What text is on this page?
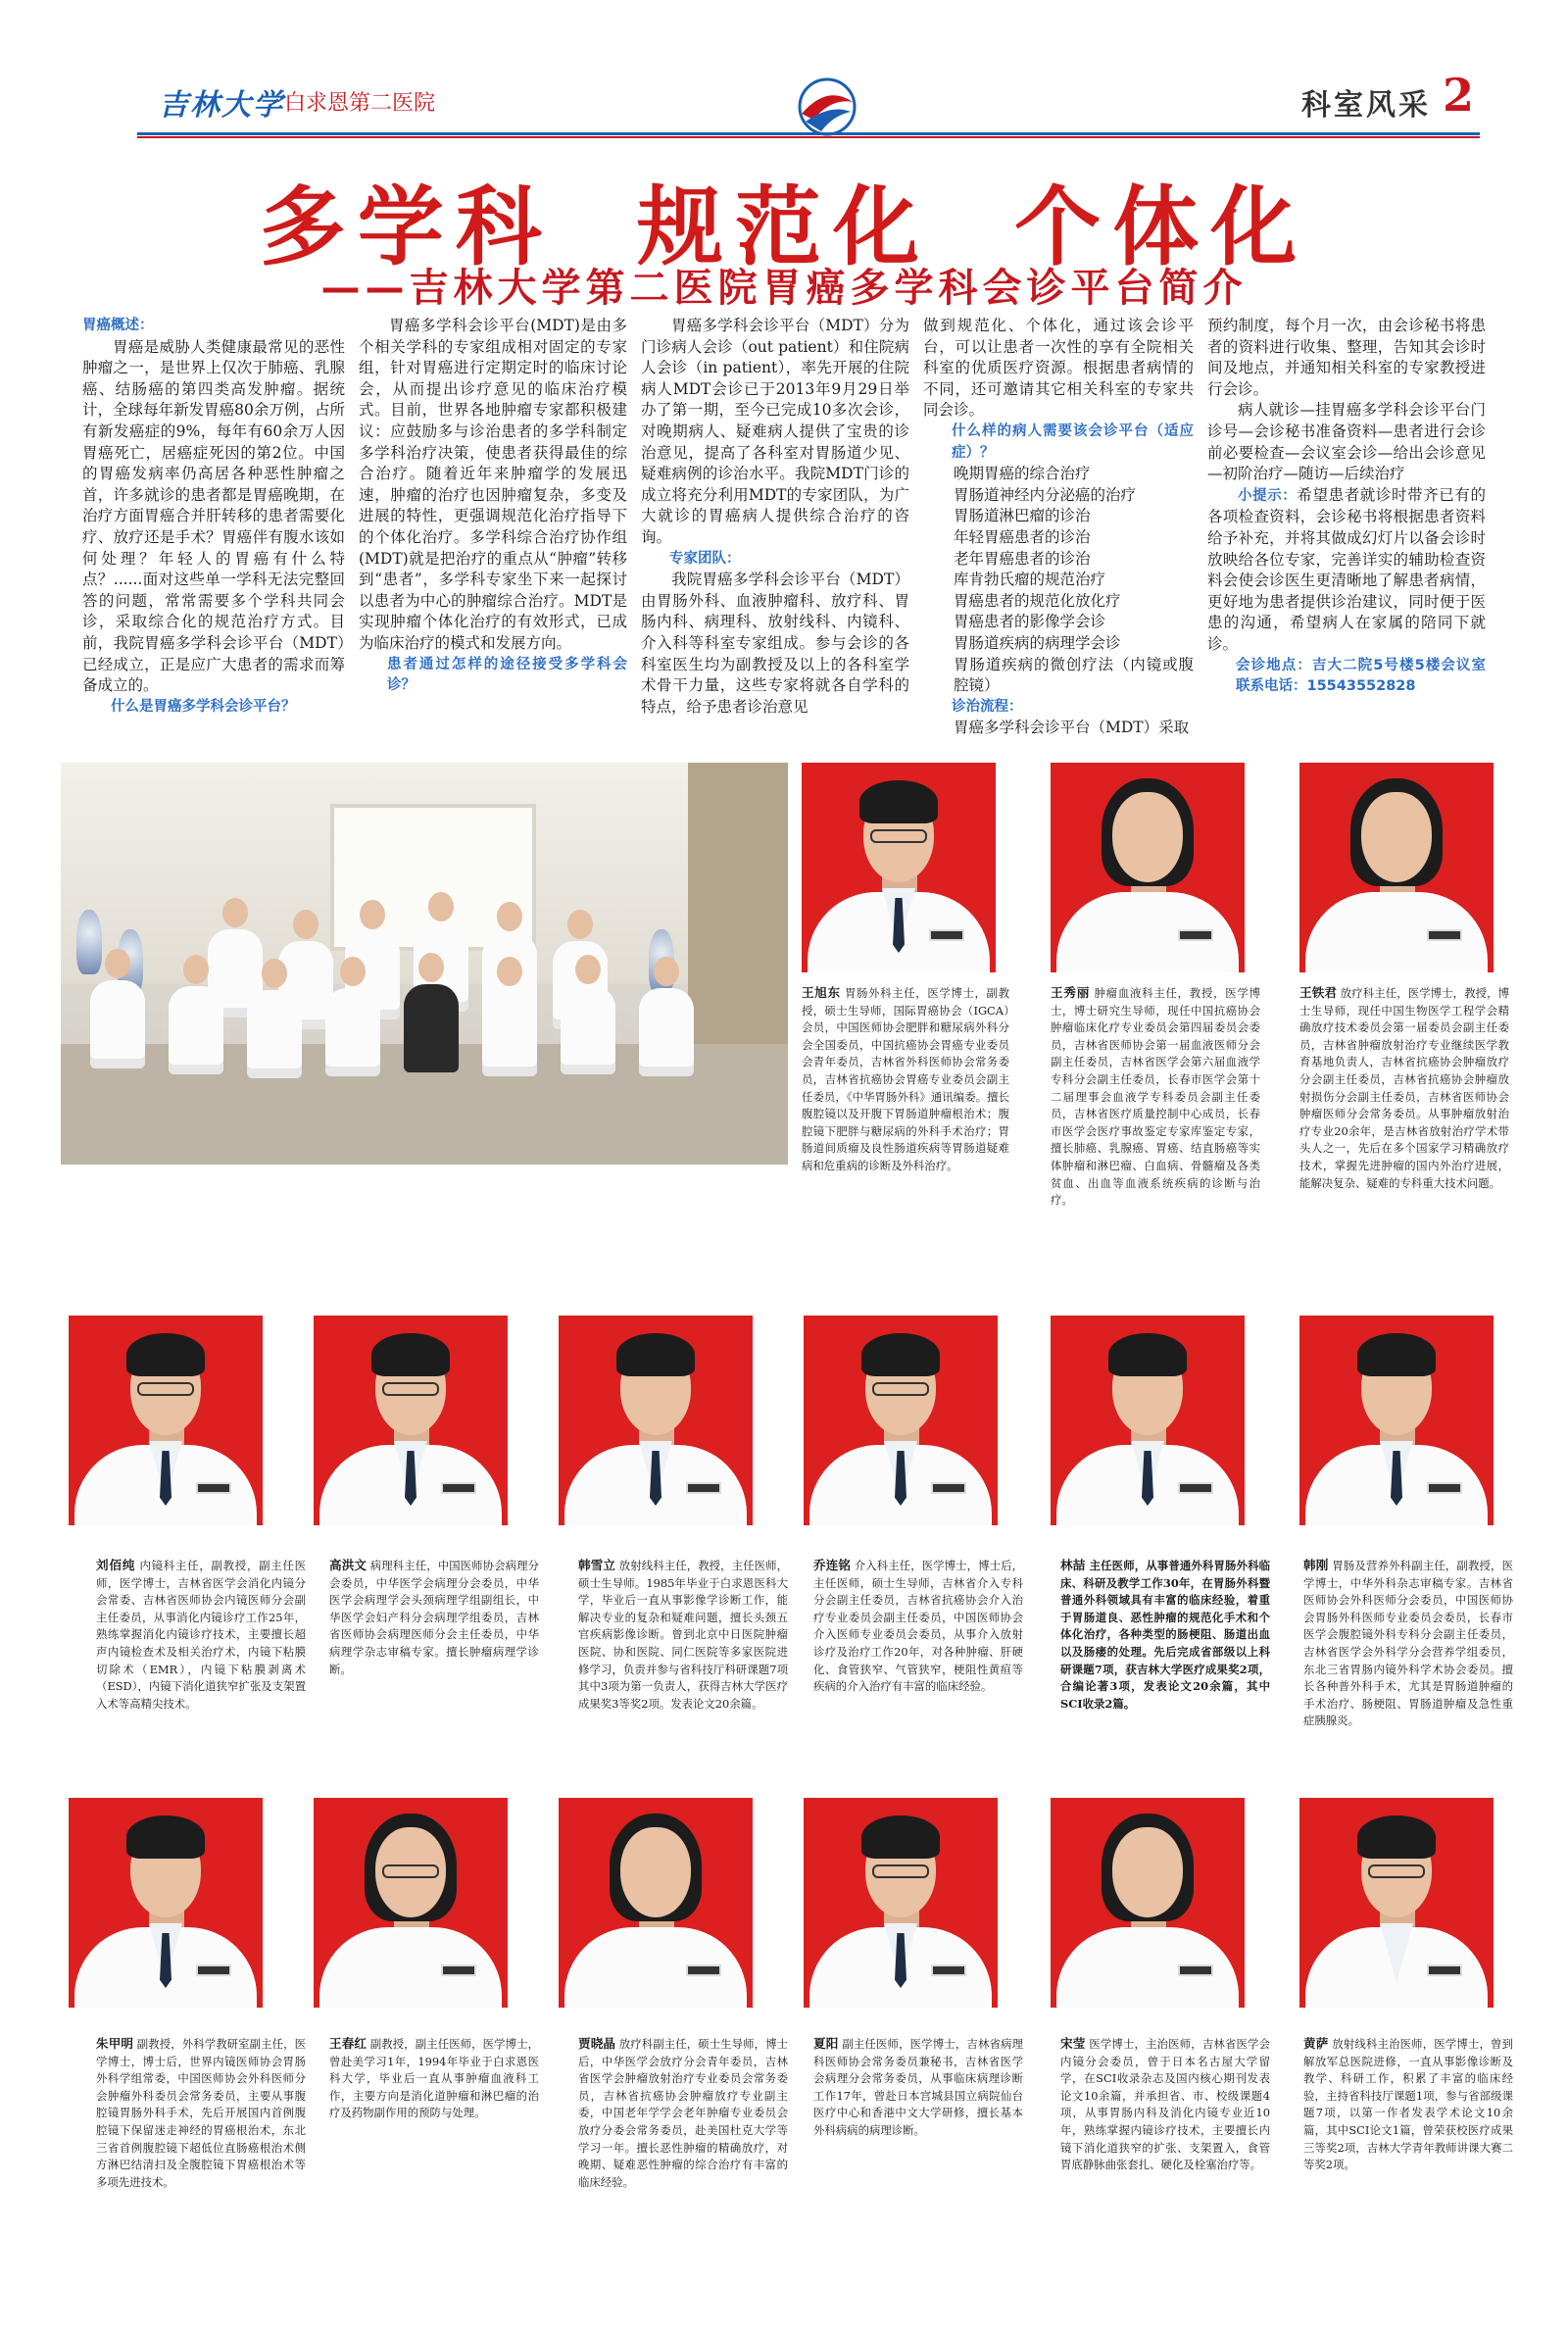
吉林大学 白求恩第二医院	科室风采 2
多学科  规范化  个体化
——吉林大学第二医院胃癌多学科会诊平台简介
胃癌概述：

胃癌是威胁人类健康最常见的恶性肿瘤之一，是世界上仅次于肺癌、乳腺癌、结肠癌的第四类高发肿瘤。据统计，全球每年新发胃癌80余万例，占所有新发癌症的9%，每年有60余万人因胃癌死亡，居癌症死因的第2位。中国的胃癌发病率仍高居各种恶性肿瘤之首，许多就诊的患者都是胃癌晚期，在治疗方面胃癌合并肝转移的患者需要化疗、放疗还是手术？胃癌伴有腹水该如何处理？年轻人的胃癌有什么特点？......面对这些单一学科无法完整回答的问题，常常需要多个学科共同会诊，采取综合化的规范治疗方式。目前，我院胃癌多学科会诊平台（MDT）已经成立，正是应广大患者的需求而筹备成立的。

什么是胃癌多学科会诊平台？

胃癌多学科会诊平台(MDT)是由多个相关学科的专家组成相对固定的专家组，针对胃癌进行定期定时的临床讨论会，从而提出诊疗意见的临床治疗模式。目前，世界各地肿瘤专家都积极建议：应鼓励多与诊治患者的多学科制定多学科治疗决策，使患者获得最佳的综合治疗。随着近年来肿瘤学的发展迅速，肿瘤的治疗也因肿瘤复杂，多变及进展的特性，更强调规范化治疗指导下的个体化治疗。多学科综合治疗协作组(MDT)就是把治疗的重点从“肿瘤”转移到“患者”，多学科专家坐下来一起探讨以患者为中心的肿瘤综合治疗。MDT是实现肿瘤个体化治疗的有效形式，已成为临床治疗的模式和发展方向。

患者通过怎样的途径接受多学科会诊？

胃癌多学科会诊平台（MDT）分为门诊病人会诊（out patient）和住院病人会诊（in patient），率先开展的住院病人MDT会诊已于2013年9月29日举办了第一期，至今已完成10多次会诊，对晚期病人、疑难病人提供了宝贵的诊治意见，提高了各科室对胃肠道少见、疑难病例的诊治水平。我院MDT门诊的成立将充分利用MDT的专家团队，为广大就诊的胃癌病人提供综合治疗的咨询。

专家团队：

我院胃癌多学科会诊平台（MDT）由胃肠外科、血液肿瘤科、放疗科、胃肠内科、病理科、放射线科、内镜科、介入科等科室专家组成。参与会诊的各科室医生均为副教授及以上的各科室学术骨干力量，这些专家将就各自学科的特点，给予患者诊治意见

做到规范化、个体化，通过该会诊平台，可以让患者一次性的享有全院相关科室的优质医疗资源。根据患者病情的不同，还可邀请其它相关科室的专家共同会诊。

什么样的病人需要该会诊平台（适应症）？
晚期胃癌的综合治疗
胃肠道神经内分泌癌的治疗
胃肠道淋巴瘤的诊治
年轻胃癌患者的诊治
老年胃癌患者的诊治
库肯勃氏瘤的规范治疗
胃癌患者的规范化放化疗
胃癌患者的影像学会诊
胃肠道疾病的病理学会诊
胃肠道疾病的微创疗法（内镜或腹腔镜）
诊治流程：

胃癌多学科会诊平台（MDT）采取

预约制度，每个月一次，由会诊秘书将患者的资料进行收集、整理，告知其会诊时间及地点，并通知相关科室的专家教授进行会诊。

病人就诊—挂胃癌多学科会诊平台门诊号—会诊秘书准备资料—患者进行会诊前必要检查—会议室会诊—给出会诊意见—初阶治疗—随访—后续治疗

小提示：希望患者就诊时带齐已有的各项检查资料，会诊秘书将根据患者资料给予补充，并将其做成幻灯片以备会诊时放映给各位专家，完善详实的辅助检查资料会使会诊医生更清晰地了解患者病情，更好地为患者提供诊治建议，同时便于医患的沟通，希望病人在家属的陪同下就诊。

会诊地点：吉大二院5号楼5楼会议室 联系电话：15543552828
王旭东 胃肠外科主任，医学博士，副教授，硕士生导师，国际胃癌协会（IGCA）会员，中国医师协会肥胖和糖尿病外科分会全国委员，中国抗癌协会胃癌专业委员会青年委员，吉林省外科医师协会常务委员，吉林省抗癌协会胃癌专业委员会副主任委员，《中华胃肠外科》通讯编委。擅长腹腔镜以及开腹下胃肠道肿瘤根治术；腹腔镜下肥胖与糖尿病的外科手术治疗；胃肠道间质瘤及良性肠道疾病等胃肠道疑难病和危重病的诊断及外科治疗。
王秀丽 肿瘤血液科主任，教授，医学博士，博士研究生导师，现任中国抗癌协会肿瘤临床化疗专业委员会第四届委员会委员，吉林省医师协会第一届血液医师分会副主任委员，吉林省医学会第六届血液学专科分会副主任委员，长春市医学会第十二届理事会血液学专科委员会副主任委员，吉林省医疗质量控制中心成员，长春市医学会医疗事故鉴定专家库鉴定专家，擅长肺癌、乳腺癌、胃癌、结直肠癌等实体肿瘤和淋巴瘤、白血病、骨髓瘤及各类贫血、出血等血液系统疾病的诊断与治疗。
王铁君 放疗科主任，医学博士，教授，博士生导师，现任中国生物医学工程学会精确放疗技术委员会第一届委员会副主任委员，吉林省肿瘤放射治疗专业继续医学教育基地负责人，吉林省抗癌协会肿瘤放疗分会副主任委员，吉林省抗癌协会肿瘤放射损伤分会副主任委员，吉林省医师协会肿瘤医师分会常务委员。从事肿瘤放射治疗专业20余年，是吉林省放射治疗学术带头人之一，先后在多个国家学习精确放疗技术，掌握先进肿瘤的国内外治疗进展，能解决复杂、疑难的专科重大技术问题。
刘佰纯 内镜科主任，副教授，副主任医师，医学博士，吉林省医学会消化内镜分会常委、吉林省医师协会内镜医师分会副主任委员，从事消化内镜诊疗工作25年，熟练掌握消化内镜诊疗技术，主要擅长超声内镜检查术及相关治疗术，内镜下粘膜切除术（EMR），内镜下粘膜剥离术（ESD），内镜下消化道狭窄扩张及支架置入术等高精尖技术。
高洪文 病理科主任，中国医师协会病理分会委员，中华医学会病理分会委员，中华医学会病理学会头颈病理学组副组长，中华医学会妇产科分会病理学组委员，吉林省医师协会病理医师分会主任委员，中华病理学杂志审稿专家。擅长肿瘤病理学诊断。
韩雪立 放射线科主任，教授，主任医师，硕士生导师。1985年毕业于白求恩医科大学，毕业后一直从事影像学诊断工作，能解决专业的复杂和疑难问题，擅长头颈五官疾病影像诊断。曾到北京中日医院肿瘤医院、协和医院、同仁医院等多家医院进修学习，负责并参与省科技厅科研课题7项其中3项为第一负责人，获得吉林大学医疗成果奖3等奖2项。发表论文20余篇。
乔连铭 介入科主任，医学博士，博士后，主任医师，硕士生导师，吉林省介入专科分会副主任委员，吉林省抗癌协会介入治疗专业委员会副主任委员，中国医师协会介入医师专业委员会委员，从事介入放射诊疗及治疗工作20年，对各种肿瘤、肝硬化、食管狭窄、气管狭窄，梗阻性黄疸等疾病的介入治疗有丰富的临床经验。
林喆 主任医师，从事普通外科胃肠外科临床、科研及教学工作30年，在胃肠外科暨普通外科领域具有丰富的临床经验，着重于胃肠道良、恶性肿瘤的规范化手术和个体化治疗，各种类型的肠梗阻、肠道出血以及肠瘘的处理。先后完成省部级以上科研课题7项，获吉林大学医疗成果奖2项，合编论著3项，发表论文20余篇，其中SCI收录2篇。
韩刚 胃肠及营养外科副主任，副教授，医学博士，中华外科杂志审稿专家。吉林省医师协会外科医师分会委员，中国医师协会胃肠外科医师专业委员会委员，长春市医学会腹腔镜外科专科分会副主任委员，吉林省医学会外科学分会营养学组委员，东北三省胃肠内镜外科学术协会委员。擅长各种普外科手术，尤其是胃肠道肿瘤的手术治疗、肠梗阻、胃肠道肿瘤及急性重症胰腺炎。
朱甲明 副教授，外科学教研室副主任，医学博士，博士后，世界内镜医师协会胃肠外科学组常委，中国医师协会外科医师分会肿瘤外科委员会常务委员，主要从事腹腔镜胃肠外科手术，先后开展国内首例腹腔镜下保留迷走神经的胃癌根治术，东北三省首例腹腔镜下超低位直肠癌根治术侧方淋巴结清扫及全腹腔镜下胃癌根治术等多项先进技术。
王春红 副教授，副主任医师，医学博士，曾赴美学习1年，1994年毕业于白求恩医科大学，毕业后一直从事肿瘤血液科工作，主要方向是消化道肿瘤和淋巴瘤的治疗及药物副作用的预防与处理。
贾晓晶 放疗科副主任，硕士生导师，博士后，中华医学会放疗分会青年委员，吉林省医学会肿瘤放射治疗专业委员会常务委员，吉林省抗癌协会肿瘤放疗专业副主委，中国老年学学会老年肿瘤专业委员会放疗分委会常务委员，赴美国杜克大学等学习一年。擅长恶性肿瘤的精确放疗，对晚期、疑难恶性肿瘤的综合治疗有丰富的临床经验。
夏阳 副主任医师，医学博士，吉林省病理科医师协会常务委员兼秘书，吉林省医学会病理分会常务委员，从事临床病理诊断工作17年，曾赴日本宫城县国立病院仙台医疗中心和香港中文大学研修，擅长基本外科病病的病理诊断。
宋莹 医学博士，主治医师，吉林省医学会内镜分会委员，曾于日本名古屋大学留学，在SCI收录杂志及国内核心期刊发表论文10余篇，并承担省、市、校级课题4项，从事胃肠内科及消化内镜专业近10年，熟练掌握内镜诊疗技术，主要擅长内镜下消化道狭窄的扩张、支架置入，食管胃底静脉曲张套扎、硬化及栓塞治疗等。
黄萨 放射线科主治医师，医学博士，曾到解放军总医院进修，一直从事影像诊断及教学、科研工作，积累了丰富的临床经验，主持省科技厅课题1项，参与省部级课题7项，以第一作者发表学术论文10余篇，其中SCI论文1篇，曾荣获校医疗成果三等奖2项，吉林大学青年教师讲课大赛二等奖2项。
